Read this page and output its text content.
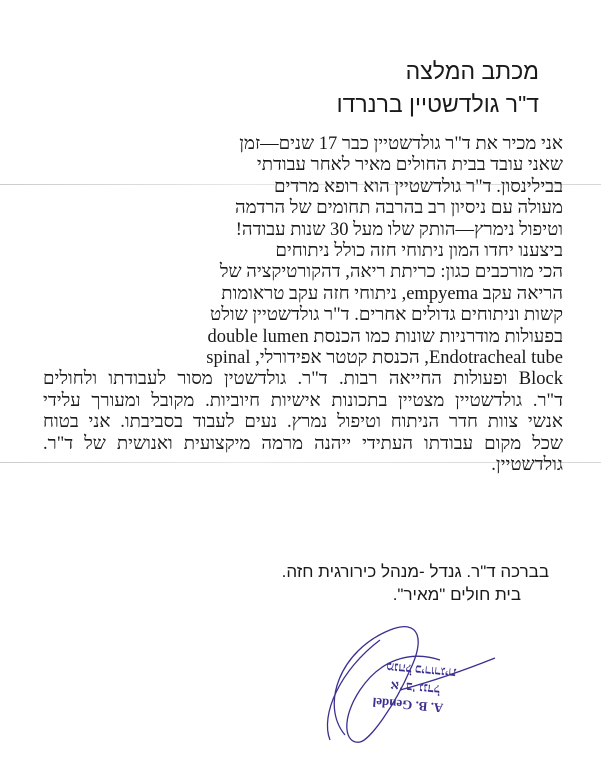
מכתב המלצה
ד"ר גולדשטיין ברנרדו
אני מכיר את ד"ר גולדשטיין כבר 17 שנים—זמן
שאני עובד בבית החולים מאיר לאחר עבודתי
בבילינסון. ד"ר גולדשטיין הוא רופא מרדים
מעולה עם ניסיון רב בהרבה תחומים של הרדמה
וטיפול נימרץ—הותק שלו מעל 30 שנות עבודה!
ביצענו יחדו המון ניתוחי חזה כולל ניתוחים
הכי מורכבים כגון: כריתת ריאה, דהקורטיקציה של
הריאה עקב empyema, ניתוחי חזה עקב טראומות
קשות וניתוחים גדולים אחרים. ד"ר גולדשטיין שולט
בפעולות מודרניות שונות כמו הכנסת double lumen
Endotracheal tube, הכנסת קטטר אפידורלי, spinal
Block ופעולות החייאה רבות. ד"ר. גולדשטין מסור לעבודתו ולחולים
ד"ר. גולדשטיין מצטיין בתכונות אישיות חיוביות. מקובל ומעורך עלידי
אנשי צוות חדר הניתוח וטיפול נמרץ. נעים לעבוד בסביבתו. אני בטוח
שכל מקום עבודתו העתידי ייהנה מרמה מיקצועית ואנושית של ד"ר.
גולדשטיין.
בברכה ד"ר. גנדל -מנהל כירורגית חזה.
בית חולים "מאיר".
A. B. Gendel
א' ב' גנדל
מנהל כירורגית
